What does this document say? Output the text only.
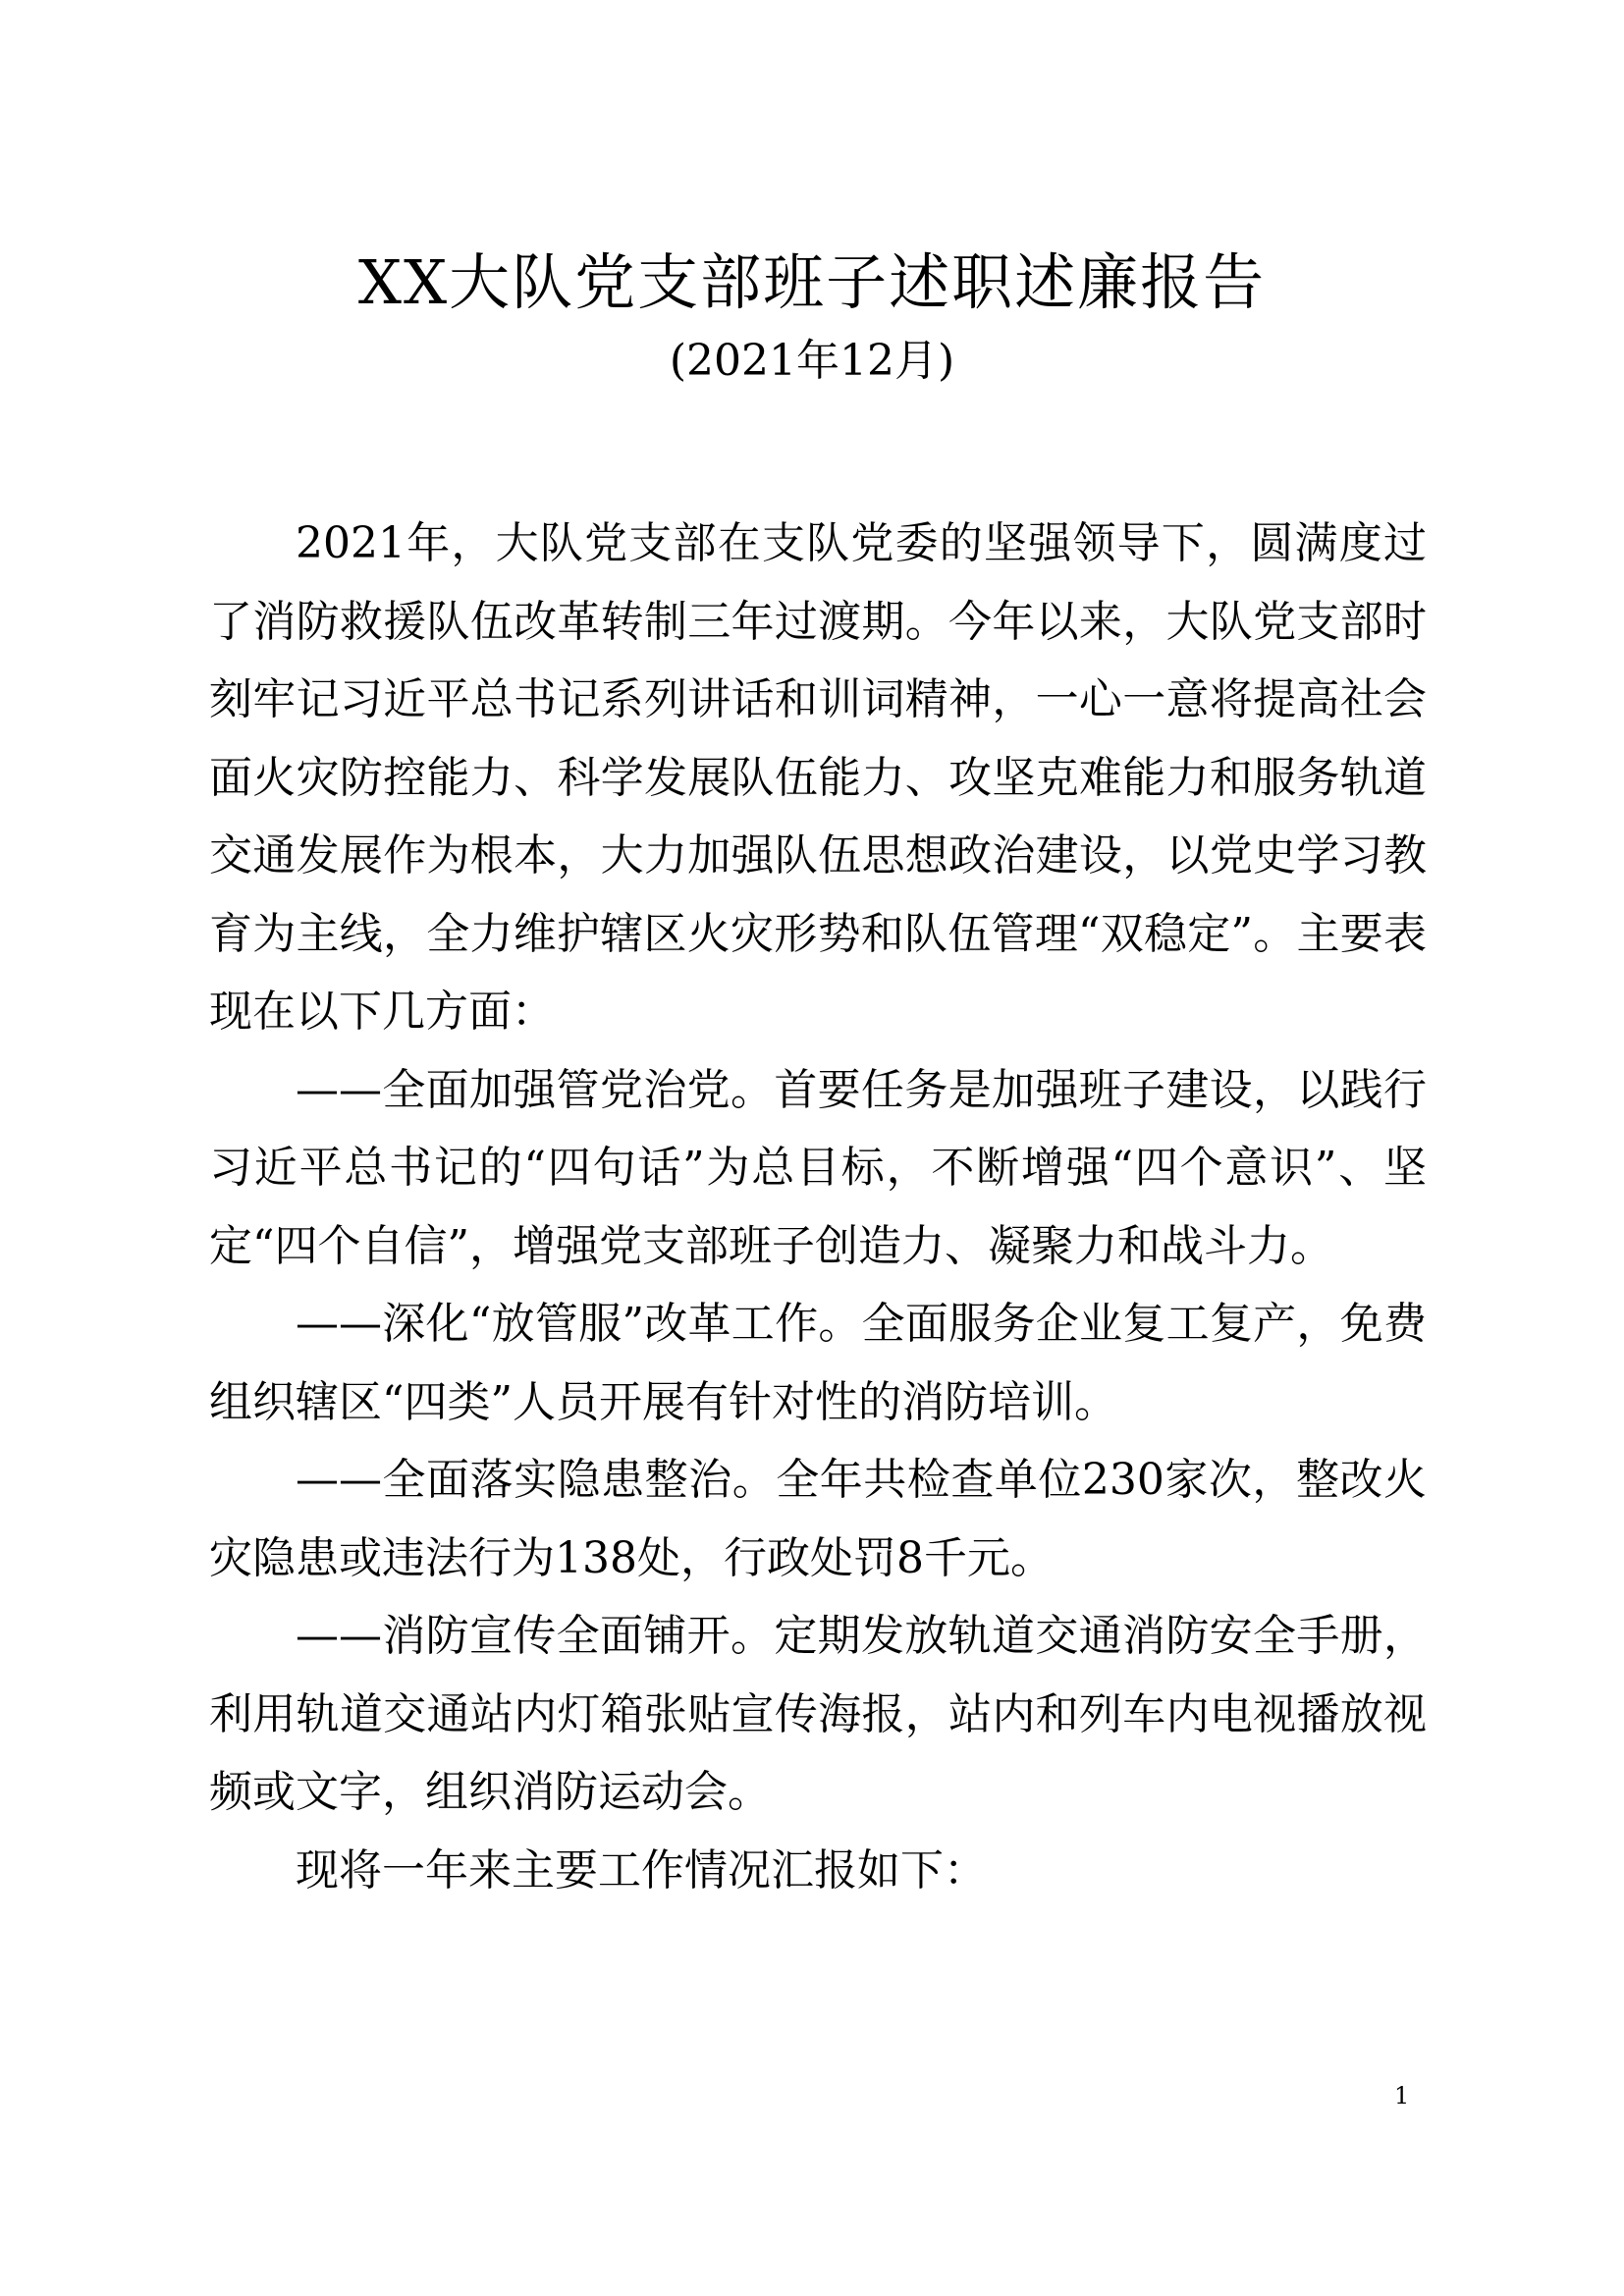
XX大队党支部班子述职述廉报告
(2021年12月)

2021年，大队党支部在支队党委的坚强领导下，圆满度过了消防救援队伍改革转制三年过渡期。今年以来，大队党支部时刻牢记习近平总书记系列讲话和训词精神，一心一意将提高社会面火灾防控能力、科学发展队伍能力、攻坚克难能力和服务轨道交通发展作为根本，大力加强队伍思想政治建设，以党史学习教育为主线，全力维护辖区火灾形势和队伍管理“双稳定”。主要表现在以下几方面：

——全面加强管党治党。首要任务是加强班子建设，以践行习近平总书记的“四句话”为总目标，不断增强“四个意识”、坚定“四个自信”，增强党支部班子创造力、凝聚力和战斗力。

——深化“放管服”改革工作。全面服务企业复工复产，免费组织辖区“四类”人员开展有针对性的消防培训。

——全面落实隐患整治。全年共检查单位230家次，整改火灾隐患或违法行为138处，行政处罚8千元。

——消防宣传全面铺开。定期发放轨道交通消防安全手册，利用轨道交通站内灯箱张贴宣传海报，站内和列车内电视播放视频或文字，组织消防运动会。

现将一年来主要工作情况汇报如下：

1
